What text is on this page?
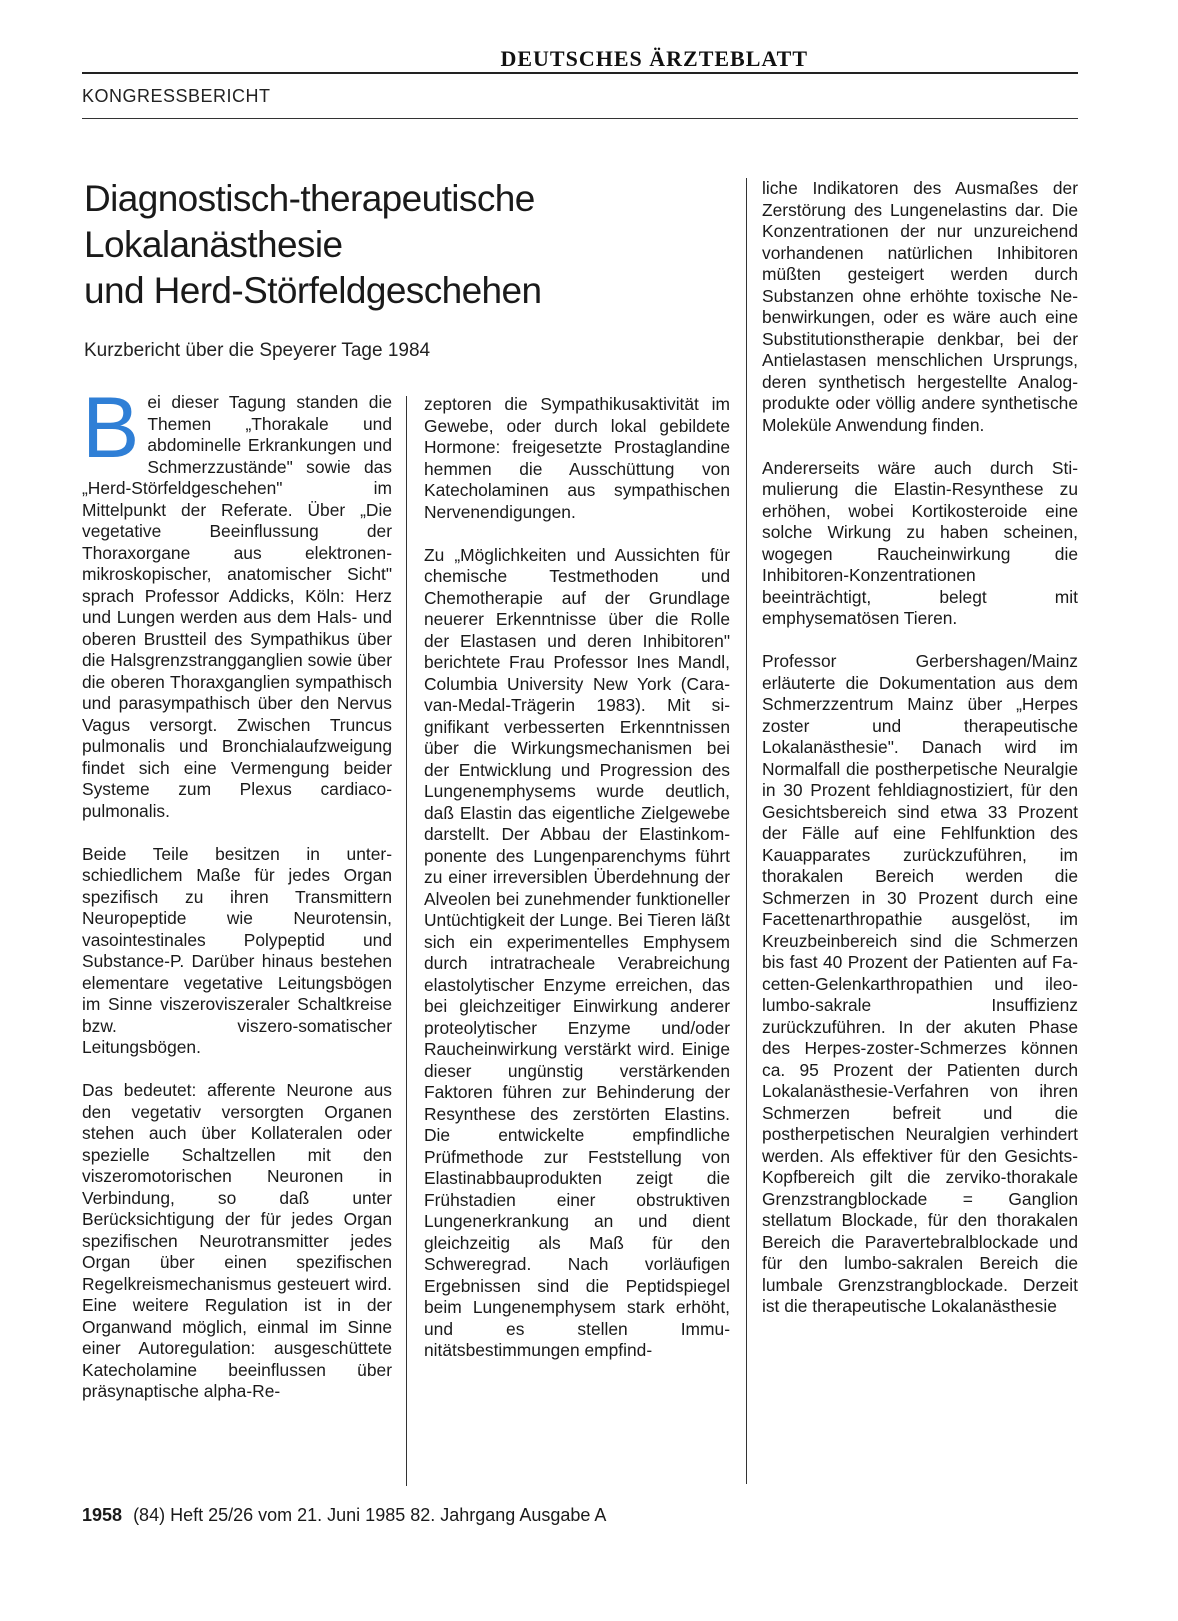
DEUTSCHES ÄRZTEBLATT
KONGRESSBERICHT
Diagnostisch-therapeutische
Lokalanästhesie
und Herd-Störfeldgeschehen
Kurzbericht über die Speyerer Tage 1984

Bei dieser Tagung standen die Themen „Thorakale und abdominelle Erkrankungen und Schmerzzustände" sowie das „Herd-Störfeldgeschehen" im Mittelpunkt der Referate. Über „Die vegetative Beeinflussung der Thoraxorgane aus elektronenmikroskopischer, anatomischer Sicht" sprach Professor Addicks, Köln: Herz und Lungen werden aus dem Hals- und oberen Brustteil des Sympathikus über die Halsgrenzstrangganglien sowie über die oberen Thoraxganglien sympathisch und parasympathisch über den Nervus Vagus versorgt. Zwischen Truncus pulmonalis und Bronchialaufzweigung findet sich eine Vermengung beider Systeme zum Plexus cardiaco-pulmonalis.

Beide Teile besitzen in unterschiedlichem Maße für jedes Organ spezifisch zu ihren Transmittern Neuropeptide wie Neurotensin, vasointestinales Polypeptid und Substance-P. Darüber hinaus bestehen elementare vegetative Leitungsbögen im Sinne viszeroviszeraler Schaltkreise bzw. viszero-somatischer Leitungsbögen.

Das bedeutet: afferente Neurone aus den vegetativ versorgten Organen stehen auch über Kollateralen oder spezielle Schaltzellen mit den viszeromotorischen Neuronen in Verbindung, so daß unter Berücksichtigung der für jedes Organ spezifischen Neurotransmitter jedes Organ über einen spezifischen Regelkreismechanismus gesteuert wird. Eine weitere Regulation ist in der Organwand möglich, einmal im Sinne einer Autoregulation: ausgeschüttete Katecholamine beeinflussen über präsynaptische alpha-Re-

zeptoren die Sympathikusaktivität im Gewebe, oder durch lokal gebildete Hormone: freigesetzte Prostaglandine hemmen die Ausschüttung von Katecholaminen aus sympathischen Nervenendigungen.

Zu „Möglichkeiten und Aussichten für chemische Testmethoden und Chemotherapie auf der Grundlage neuerer Erkenntnisse über die Rolle der Elastasen und deren Inhibitoren" berichtete Frau Professor Ines Mandl, Columbia University New York (Caravan-Medal-Trägerin 1983). Mit signifikant verbesserten Erkenntnissen über die Wirkungsmechanismen bei der Entwicklung und Progression des Lungenemphysems wurde deutlich, daß Elastin das eigentliche Zielgewebe darstellt. Der Abbau der Elastinkomponente des Lungenparenchyms führt zu einer irreversiblen Überdehnung der Alveolen bei zunehmender funktioneller Untüchtigkeit der Lunge. Bei Tieren läßt sich ein experimentelles Emphysem durch intratracheale Verabreichung elastolytischer Enzyme erreichen, das bei gleichzeitiger Einwirkung anderer proteolytischer Enzyme und/oder Raucheinwirkung verstärkt wird. Einige dieser ungünstig verstärkenden Faktoren führen zur Behinderung der Resynthese des zerstörten Elastins. Die entwickelte empfindliche Prüfmethode zur Feststellung von Elastinabbauprodukten zeigt die Frühstadien einer obstruktiven Lungenerkrankung an und dient gleichzeitig als Maß für den Schweregrad. Nach vorläufigen Ergebnissen sind die Peptidspiegel beim Lungenemphysem stark erhöht, und es stellen Immunitätsbestimmungen empfind-

liche Indikatoren des Ausmaßes der Zerstörung des Lungenelastins dar. Die Konzentrationen der nur unzureichend vorhandenen natürlichen Inhibitoren müßten gesteigert werden durch Substanzen ohne erhöhte toxische Nebenwirkungen, oder es wäre auch eine Substitutionstherapie denkbar, bei der Antielastasen menschlichen Ursprungs, deren synthetisch hergestellte Analogprodukte oder völlig andere synthetische Moleküle Anwendung finden.

Andererseits wäre auch durch Stimulierung die Elastin-Resynthese zu erhöhen, wobei Kortikosteroide eine solche Wirkung zu haben scheinen, wogegen Raucheinwirkung die Inhibitoren-Konzentrationen beeinträchtigt, belegt mit emphysematösen Tieren.

Professor Gerbershagen/Mainz erläuterte die Dokumentation aus dem Schmerzzentrum Mainz über „Herpes zoster und therapeutische Lokalanästhesie". Danach wird im Normalfall die postherpetische Neuralgie in 30 Prozent fehldiagnostiziert, für den Gesichtsbereich sind etwa 33 Prozent der Fälle auf eine Fehlfunktion des Kauapparates zurückzuführen, im thorakalen Bereich werden die Schmerzen in 30 Prozent durch eine Facettenarthropathie ausgelöst, im Kreuzbeinbereich sind die Schmerzen bis fast 40 Prozent der Patienten auf Facetten-Gelenkarthropathien und ileo-lumbo-sakrale Insuffizienz zurückzuführen. In der akuten Phase des Herpes-zoster-Schmerzes können ca. 95 Prozent der Patienten durch Lokalanästhesie-Verfahren von ihren Schmerzen befreit und die postherpetischen Neuralgien verhindert werden. Als effektiver für den Gesichts-Kopfbereich gilt die zerviko-thorakale Grenzstrangblockade = Ganglion stellatum Blockade, für den thorakalen Bereich die Paravertebralblockade und für den lumbo-sakralen Bereich die lumbale Grenzstrangblockade. Derzeit ist die therapeutische Lokalanästhesie

1958 (84) Heft 25/26 vom 21. Juni 1985 82. Jahrgang Ausgabe A
